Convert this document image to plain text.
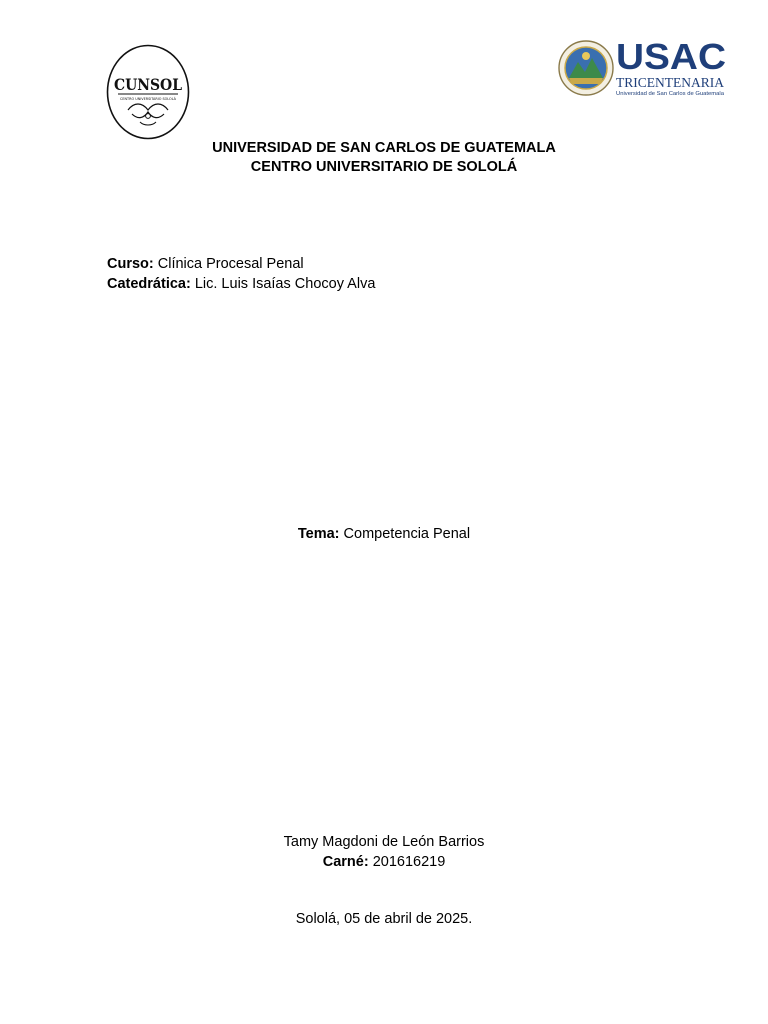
CUNSOL
CENTRO UNIVERSITARIO SOLOLÁ
USAC
TRICENTENARIA
Universidad de San Carlos de Guatemala
UNIVERSIDAD DE SAN CARLOS DE GUATEMALA
CENTRO UNIVERSITARIO DE SOLOLÁ
Curso: Clínica Procesal Penal
Catedrática: Lic. Luis Isaías Chocoy Alva
Tema: Competencia Penal
Tamy Magdoni de León Barrios
Carné: 201616219
Sololá, 05 de abril de 2025.
